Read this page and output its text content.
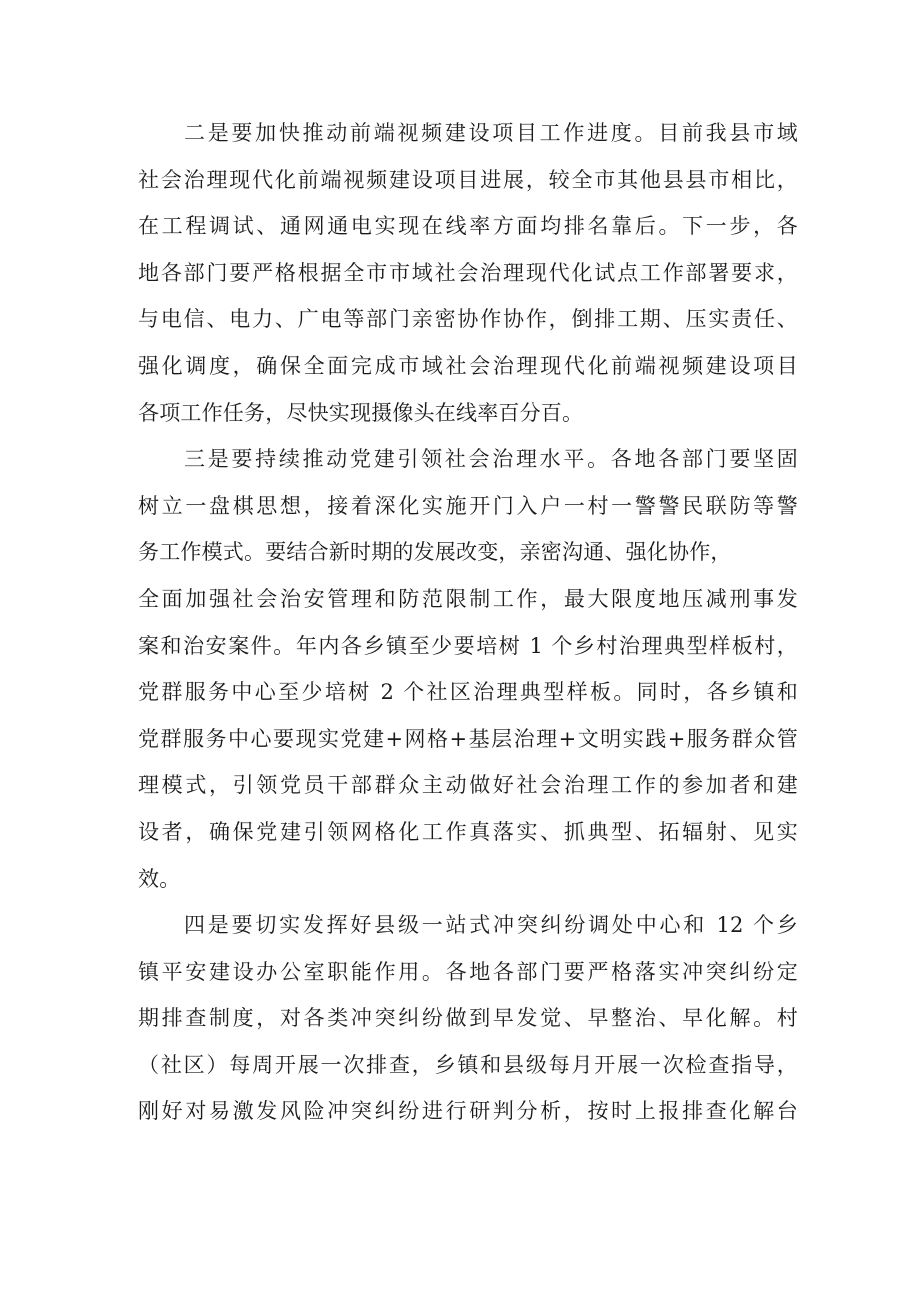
二是要加快推动前端视频建设项目工作进度。目前我县市域
社会治理现代化前端视频建设项目进展，较全市其他县县市相比，
在工程调试、通网通电实现在线率方面均排名靠后。下一步，各
地各部门要严格根据全市市域社会治理现代化试点工作部署要求，
与电信、电力、广电等部门亲密协作协作，倒排工期、压实责任、
强化调度，确保全面完成市域社会治理现代化前端视频建设项目
各项工作任务，尽快实现摄像头在线率百分百。
三是要持续推动党建引领社会治理水平。各地各部门要坚固
树立一盘棋思想，接着深化实施开门入户一村一警警民联防等警
务工作模式。要结合新时期的发展改变，亲密沟通、强化协作，
全面加强社会治安管理和防范限制工作，最大限度地压减刑事发
案和治安案件。年内各乡镇至少要培树 1 个乡村治理典型样板村，
党群服务中心至少培树 2 个社区治理典型样板。同时，各乡镇和
党群服务中心要现实党建+网格+基层治理+文明实践+服务群众管
理模式，引领党员干部群众主动做好社会治理工作的参加者和建
设者，确保党建引领网格化工作真落实、抓典型、拓辐射、见实
效。
四是要切实发挥好县级一站式冲突纠纷调处中心和 12 个乡
镇平安建设办公室职能作用。各地各部门要严格落实冲突纠纷定
期排查制度，对各类冲突纠纷做到早发觉、早整治、早化解。村
（社区）每周开展一次排查，乡镇和县级每月开展一次检查指导，
刚好对易激发风险冲突纠纷进行研判分析，按时上报排查化解台
